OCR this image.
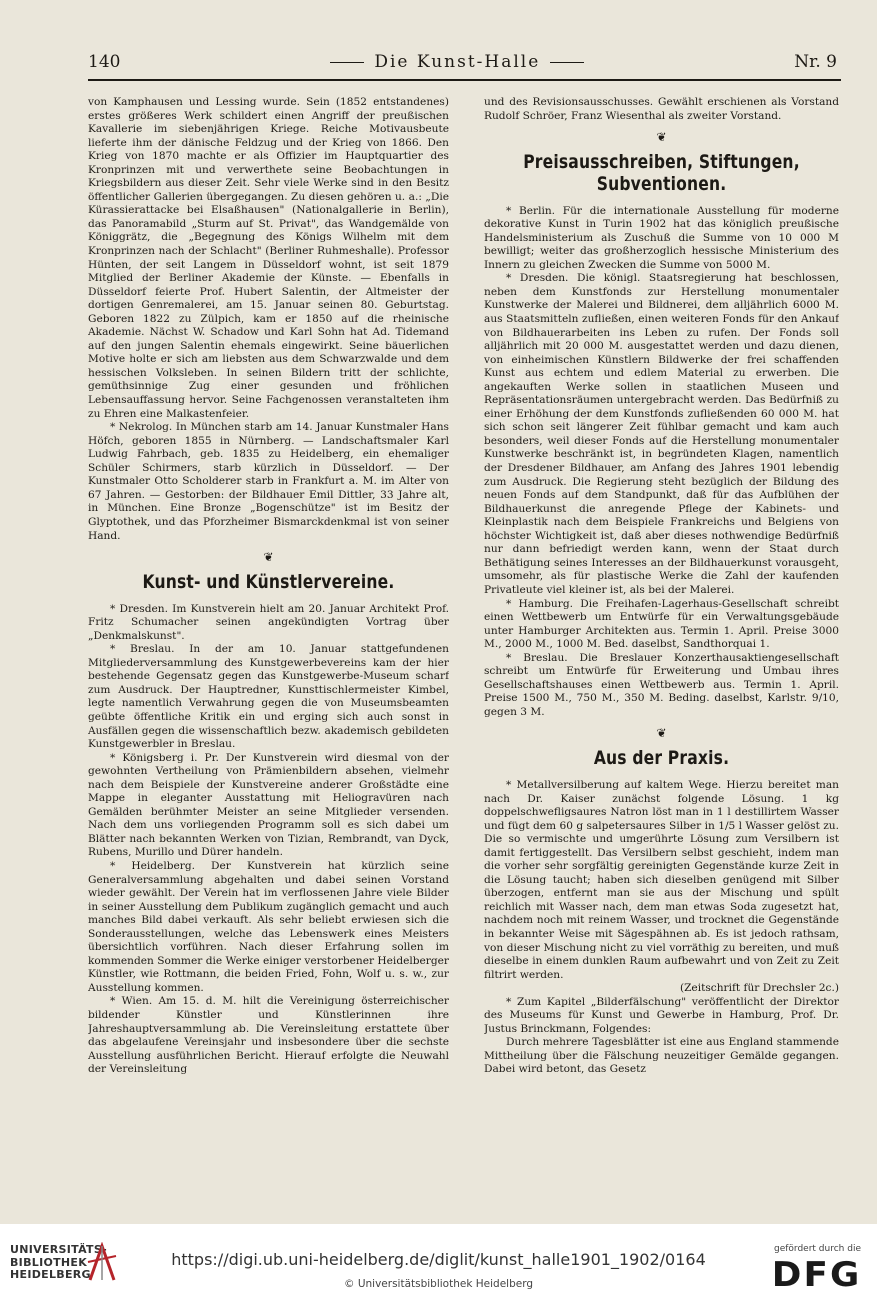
140	Die Kunst-Halle	Nr. 9

von Kamphausen und Lessing wurde. Sein (1852 entstandenes) erstes größeres Werk schildert einen Angriff der preußischen Kavallerie im siebenjährigen Kriege. Reiche Motivausbeute lieferte ihm der dänische Feldzug und der Krieg von 1866. Den Krieg von 1870 machte er als Offizier im Hauptquartier des Kronprinzen mit und verwerthete seine Beobachtungen in Kriegsbildern aus dieser Zeit. Sehr viele Werke sind in den Besitz öffentlicher Gallerien übergegangen. Zu diesen gehören u. a.: „Die Kürassierattacke bei Elsaßhausen" (Nationalgallerie in Berlin), das Panoramabild „Sturm auf St. Privat", das Wandgemälde von Königgrätz, die „Begegnung des Königs Wilhelm mit dem Kronprinzen nach der Schlacht" (Berliner Ruhmeshalle). Professor Hünten, der seit Langem in Düsseldorf wohnt, ist seit 1879 Mitglied der Berliner Akademie der Künste. — Ebenfalls in Düsseldorf feierte Prof. Hubert Salentin, der Altmeister der dortigen Genremalerei, am 15. Januar seinen 80. Geburtstag. Geboren 1822 zu Zülpich, kam er 1850 auf die rheinische Akademie. Nächst W. Schadow und Karl Sohn hat Ad. Tidemand auf den jungen Salentin ehemals eingewirkt. Seine bäuerlichen Motive holte er sich am liebsten aus dem Schwarzwalde und dem hessischen Volksleben. In seinen Bildern tritt der schlichte, gemüthsinnige Zug einer gesunden und fröhlichen Lebensauffassung hervor. Seine Fachgenossen veranstalteten ihm zu Ehren eine Malkastenfeier.

* Nekrolog. In München starb am 14. Januar Kunstmaler Hans Höfch, geboren 1855 in Nürnberg. — Landschaftsmaler Karl Ludwig Fahrbach, geb. 1835 zu Heidelberg, ein ehemaliger Schüler Schirmers, starb kürzlich in Düsseldorf. — Der Kunstmaler Otto Scholderer starb in Frankfurt a. M. im Alter von 67 Jahren. — Gestorben: der Bildhauer Emil Dittler, 33 Jahre alt, in München. Eine Bronze „Bogenschütze" ist im Besitz der Glyptothek, und das Pforzheimer Bismarckdenkmal ist von seiner Hand.

❦
Kunst- und Künstlervereine.

* Dresden. Im Kunstverein hielt am 20. Januar Architekt Prof. Fritz Schumacher seinen angekündigten Vortrag über „Denkmalskunst".

* Breslau. In der am 10. Januar stattgefundenen Mitgliederversammlung des Kunstgewerbevereins kam der hier bestehende Gegensatz gegen das Kunstgewerbe-Museum scharf zum Ausdruck. Der Hauptredner, Kunsttischlermeister Kimbel, legte namentlich Verwahrung gegen die von Museumsbeamten geübte öffentliche Kritik ein und erging sich auch sonst in Ausfällen gegen die wissenschaftlich bezw. akademisch gebildeten Kunstgewerbler in Breslau.

* Königsberg i. Pr. Der Kunstverein wird diesmal von der gewohnten Vertheilung von Prämienbildern absehen, vielmehr nach dem Beispiele der Kunstvereine anderer Großstädte eine Mappe in eleganter Ausstattung mit Heliogravüren nach Gemälden berühmter Meister an seine Mitglieder versenden. Nach dem uns vorliegenden Programm soll es sich dabei um Blätter nach bekannten Werken von Tizian, Rembrandt, van Dyck, Rubens, Murillo und Dürer handeln.

* Heidelberg. Der Kunstverein hat kürzlich seine Generalversammlung abgehalten und dabei seinen Vorstand wieder gewählt. Der Verein hat im verflossenen Jahre viele Bilder in seiner Ausstellung dem Publikum zugänglich gemacht und auch manches Bild dabei verkauft. Als sehr beliebt erwiesen sich die Sonderausstellungen, welche das Lebenswerk eines Meisters übersichtlich vorführen. Nach dieser Erfahrung sollen im kommenden Sommer die Werke einiger verstorbener Heidelberger Künstler, wie Rottmann, die beiden Fried, Fohn, Wolf u. s. w., zur Ausstellung kommen.

* Wien. Am 15. d. M. hilt die Vereinigung österreichischer bildender Künstler und Künstlerinnen ihre Jahreshauptversammlung ab. Die Vereinsleitung erstattete über das abgelaufene Vereinsjahr und insbesondere über die sechste Ausstellung ausführlichen Bericht. Hierauf erfolgte die Neuwahl der Vereinsleitung

und des Revisionsausschusses. Gewählt erschienen als Vorstand Rudolf Schröer, Franz Wiesenthal als zweiter Vorstand.

❦
Preisausschreiben, Stiftungen, Subventionen.

* Berlin. Für die internationale Ausstellung für moderne dekorative Kunst in Turin 1902 hat das königlich preußische Handelsministerium als Zuschuß die Summe von 10 000 M bewilligt; weiter das großherzoglich hessische Ministerium des Innern zu gleichen Zwecken die Summe von 5000 M.

* Dresden. Die königl. Staatsregierung hat beschlossen, neben dem Kunstfonds zur Herstellung monumentaler Kunstwerke der Malerei und Bildnerei, dem alljährlich 6000 M. aus Staatsmitteln zufließen, einen weiteren Fonds für den Ankauf von Bildhauerarbeiten ins Leben zu rufen. Der Fonds soll alljährlich mit 20 000 M. ausgestattet werden und dazu dienen, von einheimischen Künstlern Bildwerke der frei schaffenden Kunst aus echtem und edlem Material zu erwerben. Die angekauften Werke sollen in staatlichen Museen und Repräsentationsräumen untergebracht werden. Das Bedürfniß zu einer Erhöhung der dem Kunstfonds zufließenden 60 000 M. hat sich schon seit längerer Zeit fühlbar gemacht und kam auch besonders, weil dieser Fonds auf die Herstellung monumentaler Kunstwerke beschränkt ist, in begründeten Klagen, namentlich der Dresdener Bildhauer, am Anfang des Jahres 1901 lebendig zum Ausdruck. Die Regierung steht bezüglich der Bildung des neuen Fonds auf dem Standpunkt, daß für das Aufblühen der Bildhauerkunst die anregende Pflege der Kabinets- und Kleinplastik nach dem Beispiele Frankreichs und Belgiens von höchster Wichtigkeit ist, daß aber dieses nothwendige Bedürfniß nur dann befriedigt werden kann, wenn der Staat durch Bethätigung seines Interesses an der Bildhauerkunst vorausgeht, umsomehr, als für plastische Werke die Zahl der kaufenden Privatleute viel kleiner ist, als bei der Malerei.

* Hamburg. Die Freihafen-Lagerhaus-Gesellschaft schreibt einen Wettbewerb um Entwürfe für ein Verwaltungsgebäude unter Hamburger Architekten aus. Termin 1. April. Preise 3000 M., 2000 M., 1000 M. Bed. daselbst, Sandthorquai 1.

* Breslau. Die Breslauer Konzerthausaktiengesellschaft schreibt um Entwürfe für Erweiterung und Umbau ihres Gesellschaftshauses einen Wettbewerb aus. Termin 1. April. Preise 1500 M., 750 M., 350 M. Beding. daselbst, Karlstr. 9/10, gegen 3 M.

❦
Aus der Praxis.

* Metallversilberung auf kaltem Wege. Hierzu bereitet man nach Dr. Kaiser zunächst folgende Lösung. 1 kg doppelschwefligsaures Natron löst man in 1 l destillirtem Wasser und fügt dem 60 g salpetersaures Silber in 1/5 l Wasser gelöst zu. Die so vermischte und umgerührte Lösung zum Versilbern ist damit fertiggestellt. Das Versilbern selbst geschieht, indem man die vorher sehr sorgfältig gereinigten Gegenstände kurze Zeit in die Lösung taucht; haben sich dieselben genügend mit Silber überzogen, entfernt man sie aus der Mischung und spült reichlich mit Wasser nach, dem man etwas Soda zugesetzt hat, nachdem noch mit reinem Wasser, und trocknet die Gegenstände in bekannter Weise mit Sägespähnen ab. Es ist jedoch rathsam, von dieser Mischung nicht zu viel vorräthig zu bereiten, und muß dieselbe in einem dunklen Raum aufbewahrt und von Zeit zu Zeit filtrirt werden.

(Zeitschrift für Drechsler 2c.)

* Zum Kapitel „Bilderfälschung" veröffentlicht der Direktor des Museums für Kunst und Gewerbe in Hamburg, Prof. Dr. Justus Brinckmann, Folgendes:

Durch mehrere Tagesblätter ist eine aus England stammende Mittheilung über die Fälschung neuzeitiger Gemälde gegangen. Dabei wird betont, das Gesetz

UNIVERSITÄTS-
BIBLIOTHEK
HEIDELBERG
https://digi.ub.uni-heidelberg.de/diglit/kunst_halle1901_1902/0164
© Universitätsbibliothek Heidelberg
gefördert durch die
DFG
